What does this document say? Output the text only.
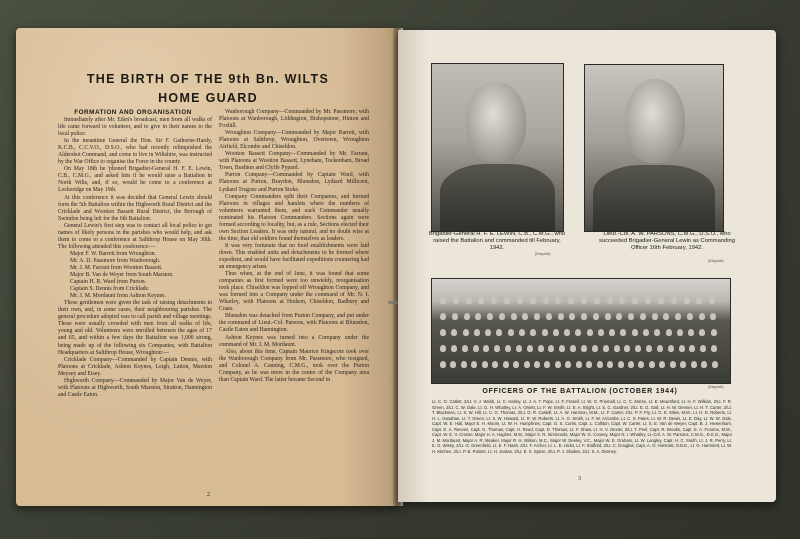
THE BIRTH OF THE 9th Bn. WILTS
HOME GUARD
FORMATION AND ORGANISATION

Immediately after Mr. Eden's broadcast, men from all walks of life came forward to volunteer, and to give in their names to the local police.

In the meantime General the Hon. Sir F. Gathorne-Hardy, K.C.B., C.C.V.O., D.S.O., who had recently relinquished the Aldershot Command, and come to live in Wiltshire, was instructed by the War Office to organise the Force in the county.

On May 18th he 'phoned Brigadier-General H. F. E. Lewin, C.B., C.M.G., and asked him if he would raise a Battalion in North Wilts, and, if so, would he come to a conference at Lockeridge on May 19th.

At this conference it was decided that General Lewin should form the 5th Battalion within the Highworth Rural District and the Cricklade and Wootton Bassett Rural District, the Borough of Swindon being left for the 6th Battalion.

General Lewin's first step was to contact all local police to get names of likely persons in the parishes who would help, and ask them to come to a conference at Saltthrop House on May 30th. The following attended this conference:—

Major F. W. Barrett from Wroughton.

Mr. A. D. Passmore from Wanborough.

Mr. J. M. Farrant from Wootton Bassett.

Major B. Van de Weyer from South Marston.

Captain H. R. Ward from Purton.

Captain S. Dennis from Cricklade.

Mr. J. M. Mordaunt from Ashton Keynes.

These gentlemen were given the task of raising detachments in their own, and, in some cases, their neighbouring parishes. The general procedure adopted was to call parish and village meetings. These were usually crowded with men from all walks of life, young and old. Volunteers were enrolled between the ages of 17 and 65, and within a few days the Battalion was 1,000 strong, being made up of the following six Companies, with Battalion Headquarters at Saltthrop House, Wroughton:—

Cricklade Company—Commanded by Captain Dennis, with Platoons at Cricklade, Ashton Keynes, Leigh, Latton, Marston Meysey and Eisey.

Highworth Company—Commanded by Major Van de Weyer, with Platoons at Highworth, South Marston, Stratton, Hannington and Castle Eaton.

Wanborough Company—Commanded by Mr. Passmore, with Platoons at Wanborough, Liddington, Bishopstone, Hinton and Foxhill.

Wroughton Company—Commanded by Major Barrett, with Platoons at Saltthrop, Wroughton, Overtown, Wroughton Airfield, Elcombe and Chiseldon.

Wootton Bassett Company—Commanded by Mr. Farrant, with Platoons at Wootton Bassett, Lyneham, Tockenham, Broad Town, Bushton and Clyffe Pypard.

Purton Company—Commanded by Captain Ward, with Platoons at Purton, Braydon, Blunsdon, Lydiard Millicent, Lydiard Tregoze and Purton Stoke.

Company Commanders split their Companies, and formed Platoons in villages and hamlets where the numbers of volunteers warranted them, and each Commander usually nominated his Platoon Commanders. Sections again were formed according to locality, but, as a rule, Sections elected their own Section Leaders. It was only natural, and no doubt wise at the time, that old soldiers found themselves as leaders.

It was very fortunate that no food establishments were laid down. This enabled units and detachments to be formed where expedient, and would have facilitated expeditions countering had an emergency arisen.

Thus when, at the end of June, it was found that some companies as first formed were too unwieldy, reorganisation took place. Chiseldon was lopped off Wroughton Company, and was formed into a Company under the command of Mr. N. I. Wharley, with Platoons at Hodson, Chiseldon, Badbury and Coate.

Blunsdon was detached from Purton Company, and put under the command of Lieut.-Col. Parsons, with Platoons at Blunsdon, Castle Eaton and Hannington.

Ashton Keynes was turned into a Company under the command of Mr. J. M. Mordaunt.

Also, about this time, Captain Maurice Kingscote took over the Wanborough Company from Mr. Passmore, who resigned, and Colonel A. Canning, C.M.G., took over the Purton Company, as he was more in the centre of the Company area than Captain Ward. The latter became Second in

2
Brigadier-General H. F. E. LEWIN, C.B., C.M.G., who raised the Battalion and commanded till February, 1942.
(Maylott)
Lieut.-Col. A. W. PARSONS, C.M.G., D.S.O., who succeeded Brigadier-General Lewin as Commanding Officer 16th February, 1942.
(Maylott)
(Maylott)
OFFICERS OF THE BATTALION (OCTOBER 1944)
Lt. C. G. Catlett, 2/Lt. V. J. Webb, Lt. C. Harley, Lt. J. A. T. Pope, Lt. F. Frosell, Lt. W. G. Priemall, Lt. C. C. Morse, Lt. E. Mountford, Lt. H. F. Wilkins, 2/Lt. F. R. Green, 2/Lt. C. W. Dale, Lt. G. H. Whatley, Lt. A. Orsett, Lt. F. W. Smith, Lt. E. A. Bright, Lt. S. C. Gardner, 2/Lt. E. G. Gall, Lt. H. W. Denner, Lt. H. T. Carter, 2/Lt. T. Blackman, Lt. S. W. Hill, Lt. C. G. Thomas, 2/Lt. G. R. Castell, Lt. A. W. Harrison, M.M., Lt. F. Carter, 2/Lt. P. F. Fry, Lt. G. E. Miles, M.M., Lt. H. D. Roberts, Lt. H. L. Hanahan, Lt. T. Green, Lt. S. W. Howard, Lt. R. W. Roberts, Lt. A. G. Smith, Lt. F. W. Arcombe, Lt. C. S. Pates, Lt. W. R. Dewis, Lt. E. Day, Lt. W. W. Gale, Capt. W. E. Hall, Major E. H. Moore, Lt. W. H. Humphries, Capt. G. S. Curtis, Capt. L. Colliton, Capt. W. Carter, Lt. S. E. Van de Weyer, Capt. B. J. Hewenham, Capt. E. A. Reeves, Capt. G. Thomas, Capt. H. Read, Capt. D. Thomas, Lt. F. Shaw, Lt. H. V. Dexter, 2/Lt. T. Peel, Capt. R. Brooks, Capt. E. A. Froome, M.M., Capt. W. E. V. Crosse, Major H. A. Hughes, M.M., Major S. R. Simmonds, Major W. G. Cooney, Major N. I. Whatley, Lt.-Col. A. W. Parsons, C.M.G., D.S.O., Major J. M. Mordaunt, Major A. R. Meaker, Major R. H. Wilson, M.C., Major W. Deeley, V.C., Major W. E. Graham, Lt. W. Langley, Capt. H. C. Smith, Lt. J. R. Perry, Lt. E. G. Wisey, 2/Lt. G. Greenfield, Lt. E. F. Nash, 2/Lt. F. Archer, Lt. L. E. Hicks, Lt. F. Stafford, 2/Lt. C. Douglas, Capt. A. O. Horsnett, O.B.E., Lt. G. Hammett, Lt. W. H. Kitchen, 2/Lt. P. B. Painter, Lt. H. Jordan, 2/Lt. E. S. Spicer, 2/Lt. P. J. Shailes, 2/Lt. S. A. Denney.
3
